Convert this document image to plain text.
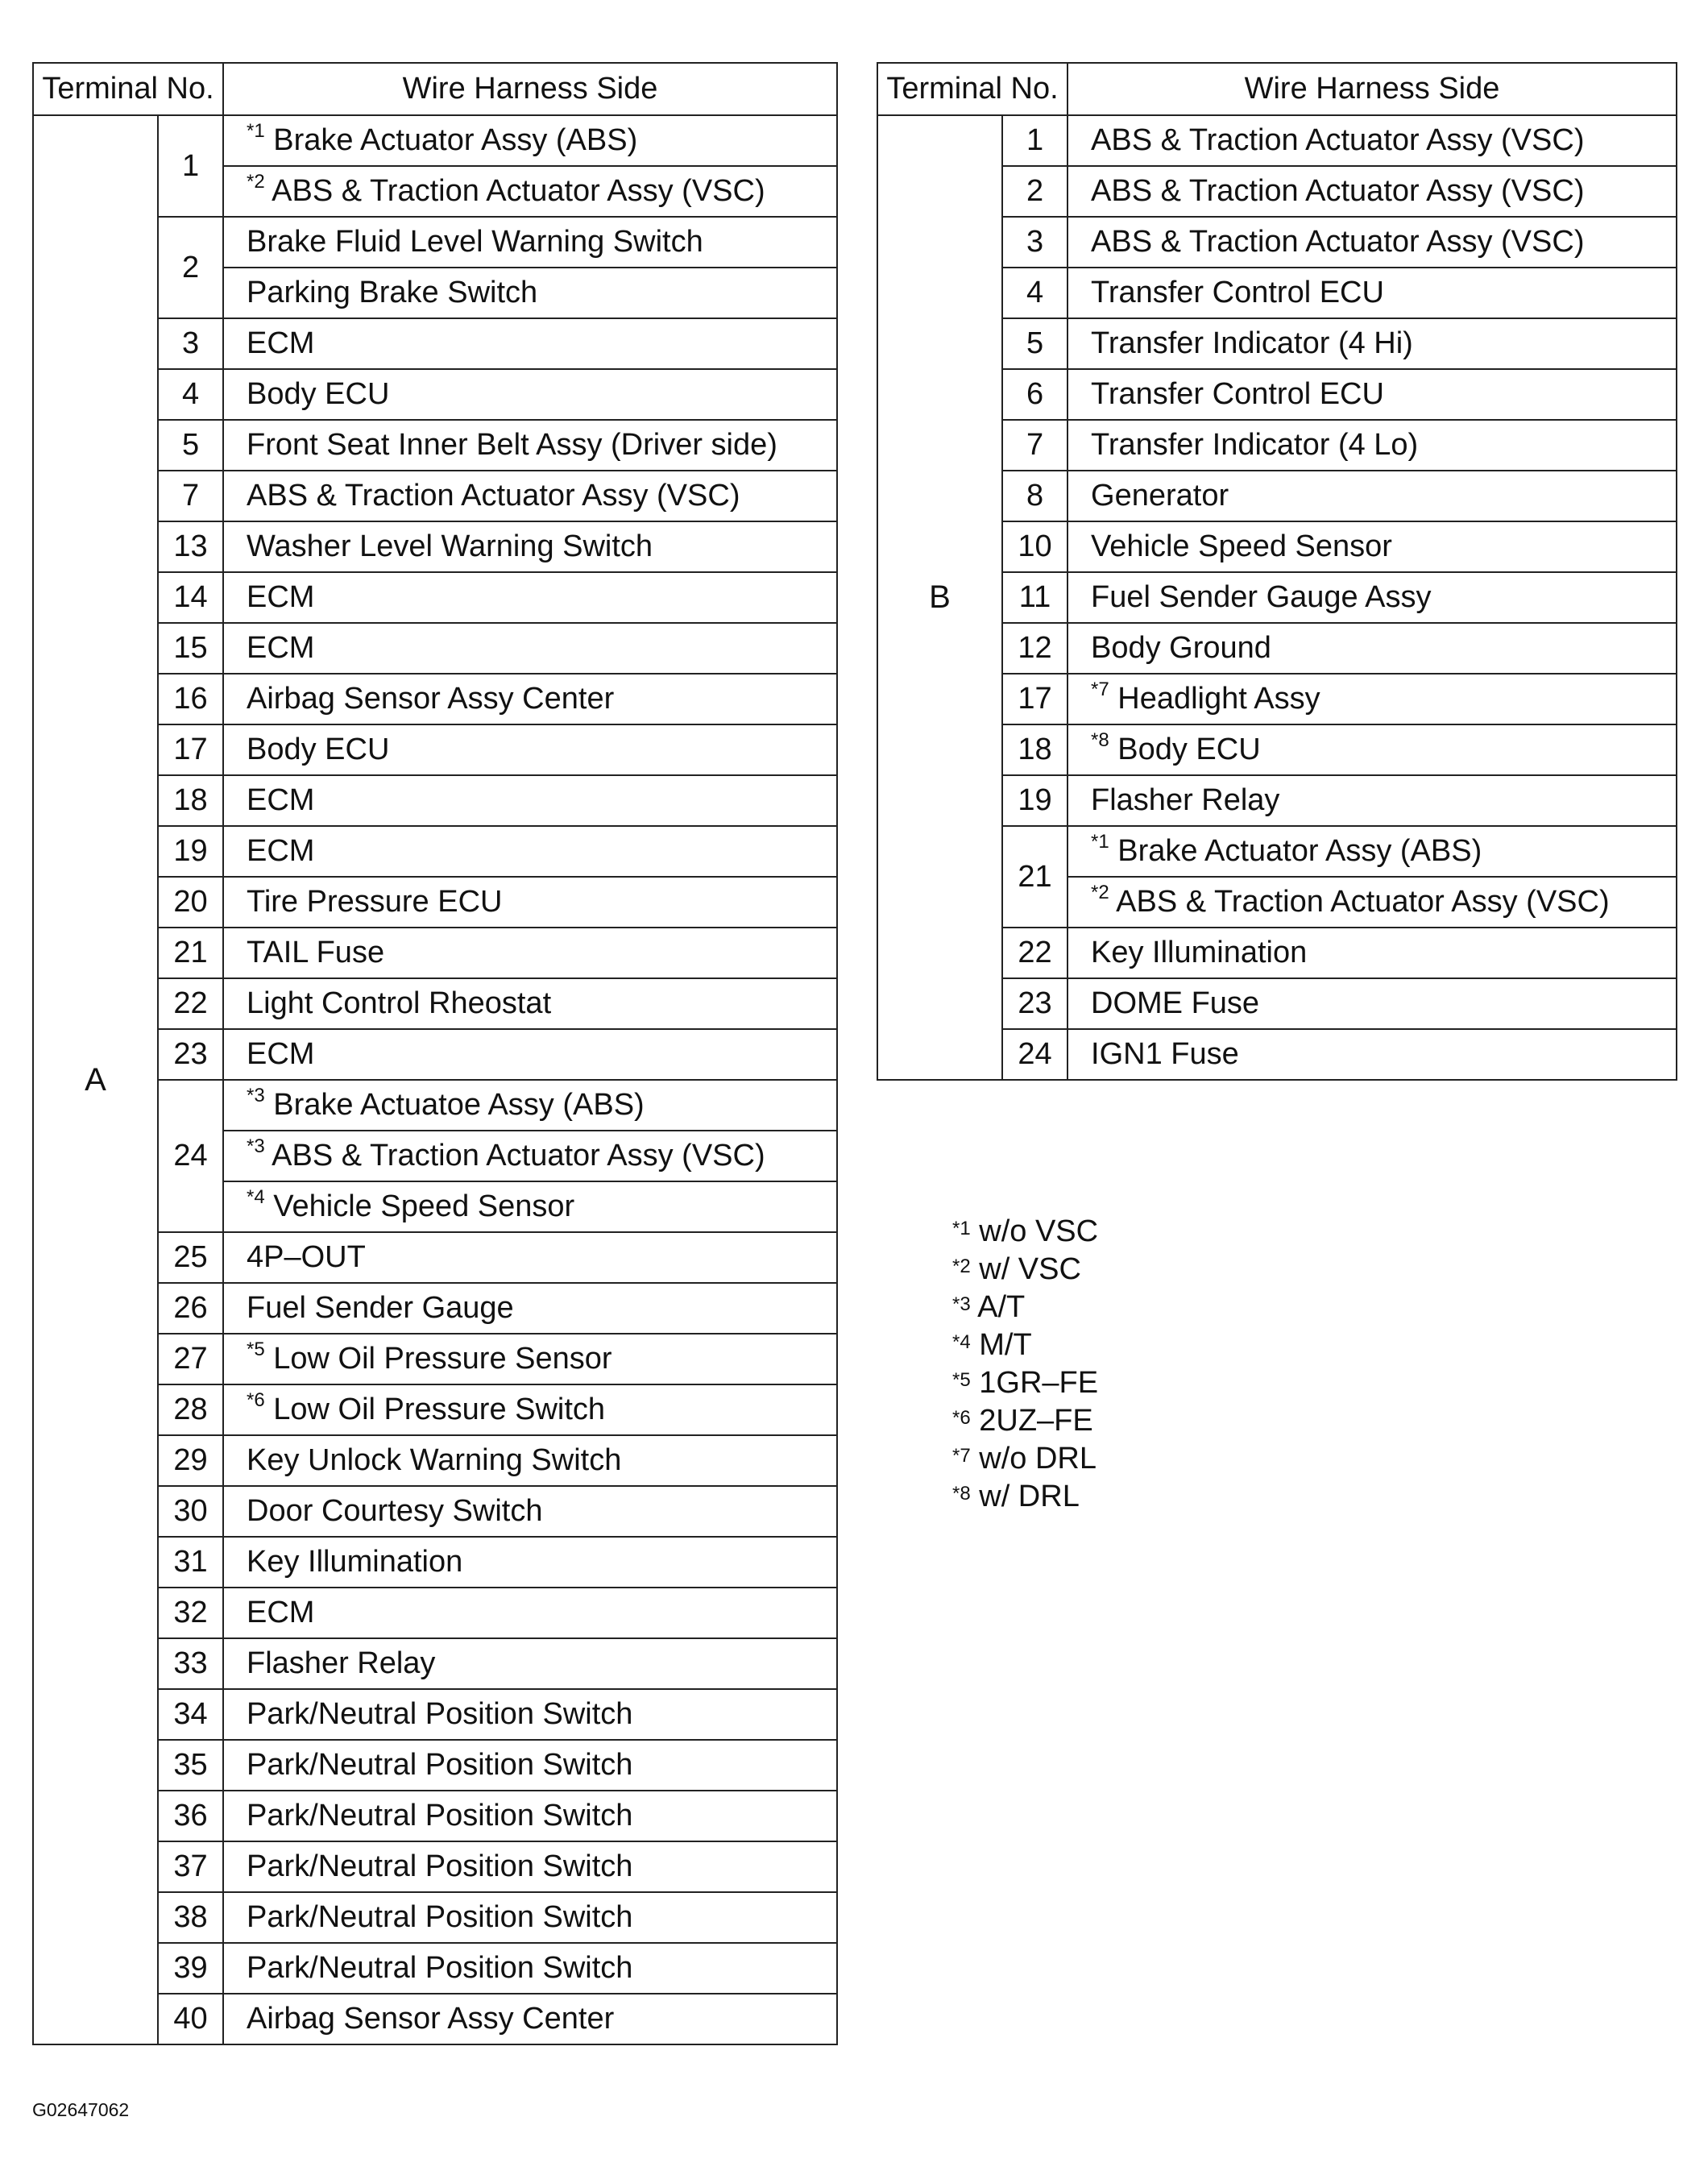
Terminal No.		Wire Harness Side
A	1	$^{*1}$ Brake Actuator Assy (ABS)
		$^{*2}$ ABS & Traction Actuator Assy (VSC)
	2	Brake Fluid Level Warning Switch
		Parking Brake Switch
	3	ECM
	4	Body ECU
	5	Front Seat Inner Belt Assy (Driver side)
	7	ABS & Traction Actuator Assy (VSC)
	13	Washer Level Warning Switch
	14	ECM
	15	ECM
	16	Airbag Sensor Assy Center
	17	Body ECU
	18	ECM
	19	ECM
	20	Tire Pressure ECU
	21	TAIL Fuse
	22	Light Control Rheostat
	23	ECM
	24	$^{*3}$ Brake Actuatoe Assy (ABS)
		$^{*3}$ ABS & Traction Actuator Assy (VSC)
		$^{*4}$ Vehicle Speed Sensor
	25	4P–OUT
	26	Fuel Sender Gauge
	27	$^{*5}$ Low Oil Pressure Sensor
	28	$^{*6}$ Low Oil Pressure Switch
	29	Key Unlock Warning Switch
	30	Door Courtesy Switch
	31	Key Illumination
	32	ECM
	33	Flasher Relay
	34	Park/Neutral Position Switch
	35	Park/Neutral Position Switch
	36	Park/Neutral Position Switch
	37	Park/Neutral Position Switch
	38	Park/Neutral Position Switch
	39	Park/Neutral Position Switch
	40	Airbag Sensor Assy Center
Terminal No.		Wire Harness Side
B	1	ABS & Traction Actuator Assy (VSC)
	2	ABS & Traction Actuator Assy (VSC)
	3	ABS & Traction Actuator Assy (VSC)
	4	Transfer Control ECU
	5	Transfer Indicator (4 Hi)
	6	Transfer Control ECU
	7	Transfer Indicator (4 Lo)
	8	Generator
	10	Vehicle Speed Sensor
	11	Fuel Sender Gauge Assy
	12	Body Ground
	17	$^{*7}$ Headlight Assy
	18	$^{*8}$ Body ECU
	19	Flasher Relay
	21	$^{*1}$ Brake Actuator Assy (ABS)
		$^{*2}$ ABS & Traction Actuator Assy (VSC)
	22	Key Illumination
	23	DOME Fuse
	24	IGN1 Fuse
$^{*1}$ w/o VSC
$^{*2}$ w/ VSC
$^{*3}$ A/T
$^{*4}$ M/T
$^{*5}$ 1GR–FE
$^{*6}$ 2UZ–FE
$^{*7}$ w/o DRL
$^{*8}$ w/ DRL
G02647062
